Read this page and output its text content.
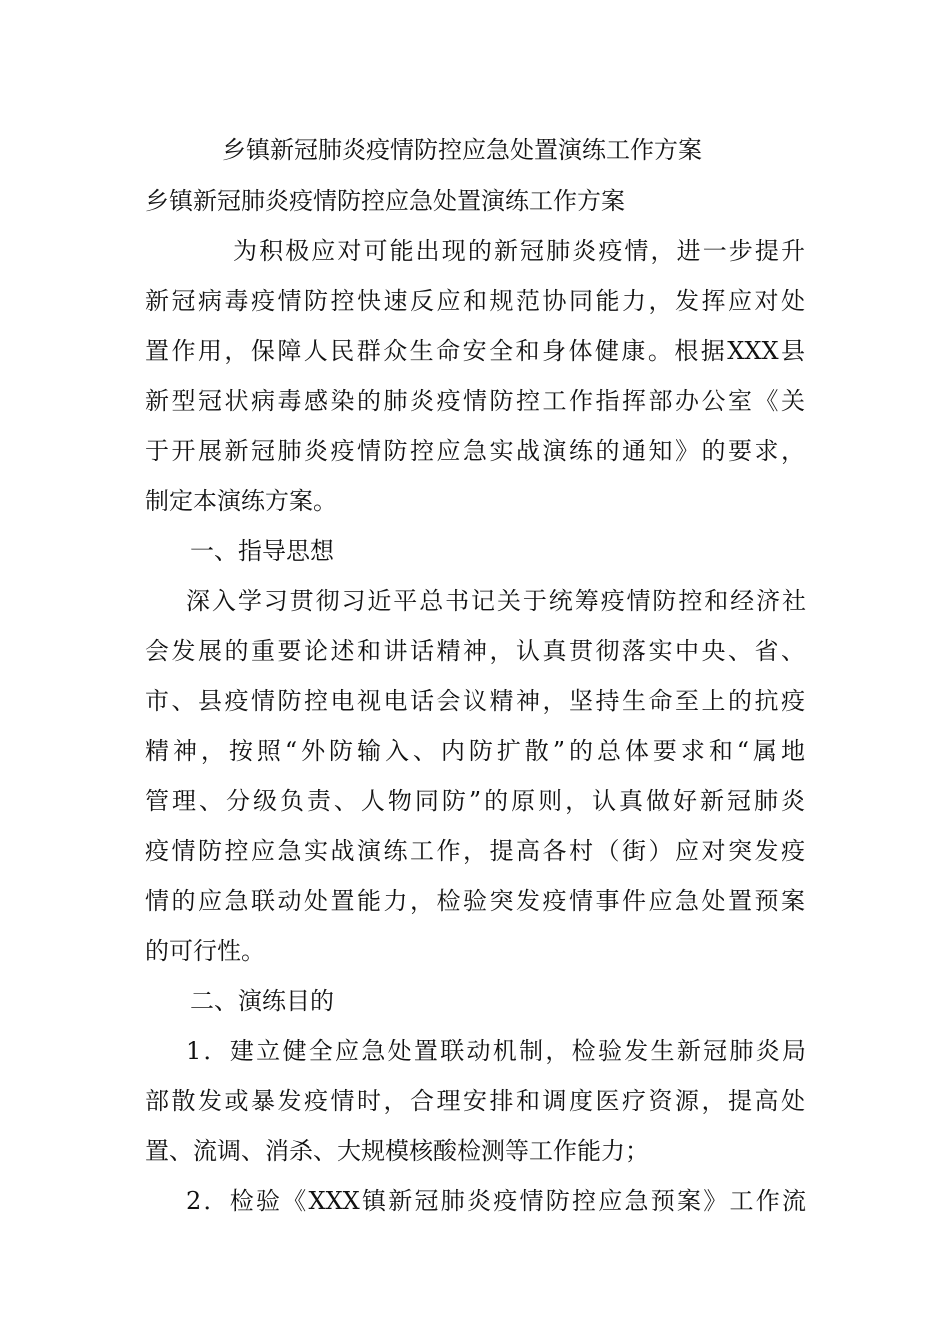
乡镇新冠肺炎疫情防控应急处置演练工作方案
乡镇新冠肺炎疫情防控应急处置演练工作方案
为积极应对可能出现的新冠肺炎疫情，进一步提升
新冠病毒疫情防控快速反应和规范协同能力，发挥应对处
置作用，保障人民群众生命安全和身体健康。根据XXX县
新型冠状病毒感染的肺炎疫情防控工作指挥部办公室《关
于开展新冠肺炎疫情防控应急实战演练的通知》的要求，
制定本演练方案。
一、指导思想
深入学习贯彻习近平总书记关于统筹疫情防控和经济社
会发展的重要论述和讲话精神，认真贯彻落实中央、省、
市、县疫情防控电视电话会议精神，坚持生命至上的抗疫
精神，按照“外防输入、内防扩散”的总体要求和“属地
管理、分级负责、人物同防”的原则，认真做好新冠肺炎
疫情防控应急实战演练工作，提高各村（街）应对突发疫
情的应急联动处置能力，检验突发疫情事件应急处置预案
的可行性。
二、演练目的
1．建立健全应急处置联动机制，检验发生新冠肺炎局
部散发或暴发疫情时，合理安排和调度医疗资源，提高处
置、流调、消杀、大规模核酸检测等工作能力；
2．检验《XXX镇新冠肺炎疫情防控应急预案》工作流
